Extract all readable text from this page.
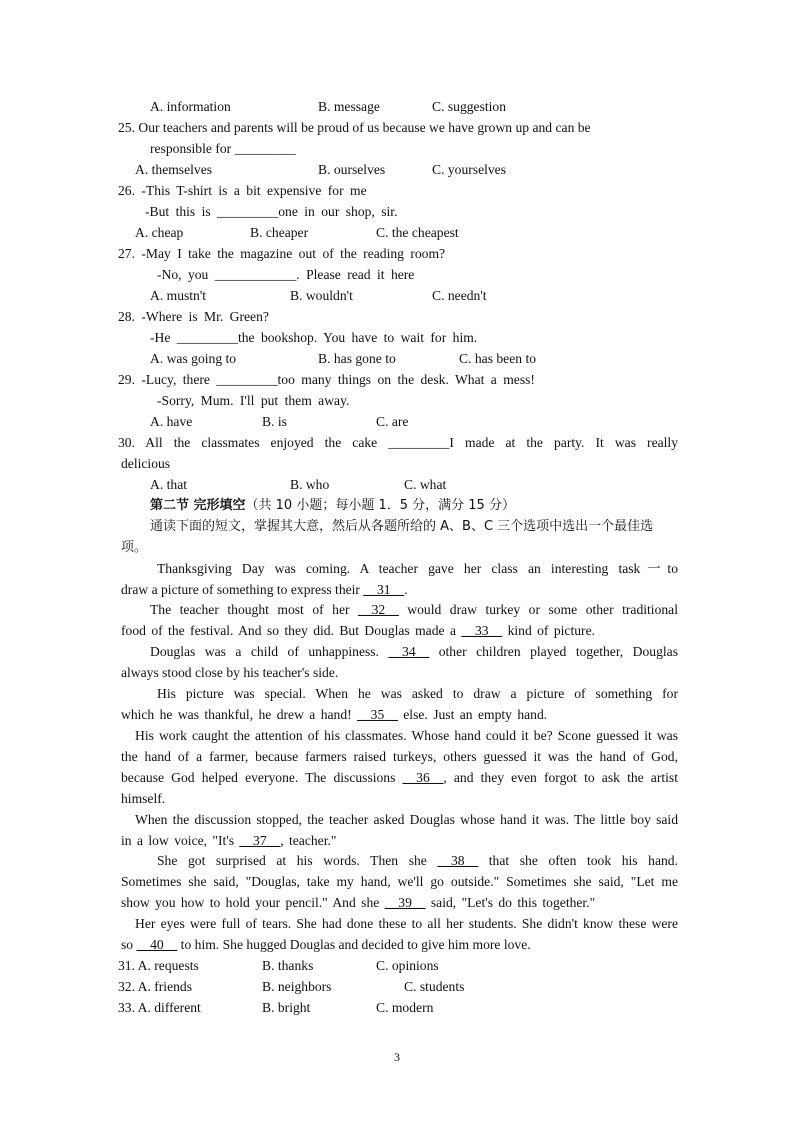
A. information	B. message	C. suggestion
25. Our teachers and parents will be proud of us because we have grown up and can be
responsible for _________
A. themselves	B. ourselves	C. yourselves
26. -This T-shirt is a bit expensive for me
-But this is _________one in our shop, sir.
A. cheap	B. cheaper	C. the cheapest
27. -May I take the magazine out of the reading room?
-No, you ____________. Please read it here
A. mustn't	B. wouldn't	C. needn't
28. -Where is Mr. Green?
-He _________the bookshop. You have to wait for him.
A. was going to	B. has gone to	C. has been to
29. -Lucy, there _________too many things on the desk. What a mess!
-Sorry, Mum. I'll put them away.
A. have	B. is	C. are
30. All the classmates enjoyed the cake _________I made at the party. It was really
delicious
A. that	B. who	C. what
第二节 完形填空（共 10 小题；每小题 1．5 分，满分 15 分）
通读下面的短文，掌握其大意，然后从各题所给的 A、B、C 三个选项中选出一个最佳选
项。
Thanksgiving Day was coming. A teacher gave her class an interesting task一to
draw a picture of something to express their __31__.
The teacher thought most of her __32__ would draw turkey or some other traditional
food of the festival. And so they did. But Douglas made a __33__ kind of picture.
Douglas was a child of unhappiness. __34__ other children played together, Douglas
always stood close by his teacher's side.
His picture was special. When he was asked to draw a picture of something for
which he was thankful, he drew a hand! __35__ else. Just an empty hand.
His work caught the attention of his classmates. Whose hand could it be? Scone guessed it was
the hand of a farmer, because farmers raised turkeys, others guessed it was the hand of God,
because God helped everyone. The discussions __36__, and they even forgot to ask the artist
himself.
When the discussion stopped, the teacher asked Douglas whose hand it was. The little boy said
in a low voice, "It's __37__, teacher."
She got surprised at his words. Then she __38__ that she often took his hand.
Sometimes she said, "Douglas, take my hand, we'll go outside." Sometimes she said, "Let me
show you how to hold your pencil." And she __39__ said, "Let's do this together."
Her eyes were full of tears. She had done these to all her students. She didn't know these were
so __40__ to him. She hugged Douglas and decided to give him more love.
31. A. requests	B. thanks	C. opinions
32. A. friends	B. neighbors	C. students
33. A. different	B. bright	C. modern
3
